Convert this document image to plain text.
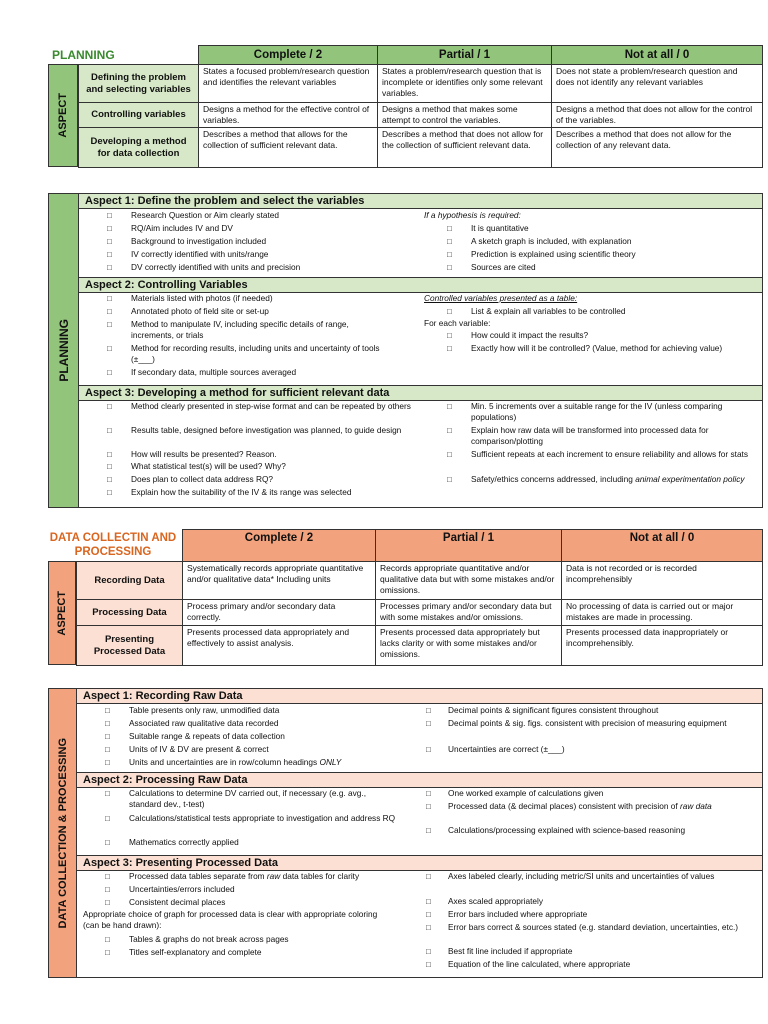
PLANNING	Complete / 2	Partial / 1	Not at all / 0
ASPECT
Defining the problem and selecting variables	States a focused problem/research question and identifies the relevant variables	States a problem/research question that is incomplete or identifies only some relevant variables.	Does not state a problem/research question and does not identify any relevant variables
Controlling variables	Designs a method for the effective control of variables.	Designs a method that makes some attempt to control the variables.	Designs a method that does not allow for the control of the variables.
Developing a method for data collection	Describes a method that allows for the collection of sufficient relevant data.	Describes a method that does not allow for the collection of sufficient relevant data.	Describes a method that does not allow for the collection of any relevant data.
PLANNING
Aspect 1: Define the problem and select the variables
□ Research Question or Aim clearly stated
□ RQ/Aim includes IV and DV
□ Background to investigation included
□ IV correctly identified with units/range
□ DV correctly identified with units and precision
If a hypothesis is required:
□ It is quantitative
□ A sketch graph is included, with explanation
□ Prediction is explained using scientific theory
□ Sources are cited
Aspect 2: Controlling Variables
□ Materials listed with photos (if needed)
□ Annotated photo of field site or set-up
□ Method to manipulate IV, including specific details of range, increments, or trials
□ Method for recording results, including units and uncertainty of tools (±___)
□ If secondary data, multiple sources averaged
Controlled variables presented as a table:
□ List & explain all variables to be controlled
For each variable:
□ How could it impact the results?
□ Exactly how will it be controlled? (Value, method for achieving value)
Aspect 3: Developing a method for sufficient relevant data
□ Method clearly presented in step-wise format and can be repeated by others
□ Results table, designed before investigation was planned, to guide design
□ How will results be presented? Reason.
□ What statistical test(s) will be used? Why?
□ Does plan to collect data address RQ?
□ Explain how the suitability of the IV & its range was selected
□ Min. 5 increments over a suitable range for the IV (unless comparing populations)
□ Explain how raw data will be transformed into processed data for comparison/plotting
□ Sufficient repeats at each increment to ensure reliability and allows for stats
□ Safety/ethics concerns addressed, including animal experimentation policy
DATA COLLECTIN AND PROCESSING
Complete / 2	Partial / 1	Not at all / 0
ASPECT
Recording Data	Systematically records appropriate quantitative and/or qualitative data* Including units	Records appropriate quantitative and/or qualitative data but with some mistakes and/or omissions.	Data is not recorded or is recorded incomprehensibly
Processing Data	Process primary and/or secondary data correctly.	Processes primary and/or secondary data but with some mistakes and/or omissions.	No processing of data is carried out or major mistakes are made in processing.
Presenting Processed Data	Presents processed data appropriately and effectively to assist analysis.	Presents processed data appropriately but lacks clarity or with some mistakes and/or omissions.	Presents processed data inappropriately or incomprehensibly.
DATA COLLECTION & PROCESSING
Aspect 1: Recording Raw Data
□ Table presents only raw, unmodified data
□ Associated raw qualitative data recorded
□ Suitable range & repeats of data collection
□ Units of IV & DV are present & correct
□ Units and uncertainties are in row/column headings ONLY
□ Decimal points & significant figures consistent throughout
□ Decimal points & sig. figs. consistent with precision of measuring equipment
□ Uncertainties are correct (±___)
Aspect 2: Processing Raw Data
□ Calculations to determine DV carried out, if necessary (e.g. avg., standard dev., t-test)
□ Calculations/statistical tests appropriate to investigation and address RQ
□ Mathematics correctly applied
□ One worked example of calculations given
□ Processed data (& decimal places) consistent with precision of raw data
□ Calculations/processing explained with science-based reasoning
Aspect 3: Presenting Processed Data
□ Processed data tables separate from raw data tables for clarity
□ Uncertainties/errors included
□ Consistent decimal places
Appropriate choice of graph for processed data is clear with appropriate coloring (can be hand drawn):
□ Tables & graphs do not break across pages
□ Titles self-explanatory and complete
□ Axes labeled clearly, including metric/SI units and uncertainties of values
□ Axes scaled appropriately
□ Error bars included where appropriate
□ Error bars correct & sources stated (e.g. standard deviation, uncertainties, etc.)
□ Best fit line included if appropriate
□ Equation of the line calculated, where appropriate
